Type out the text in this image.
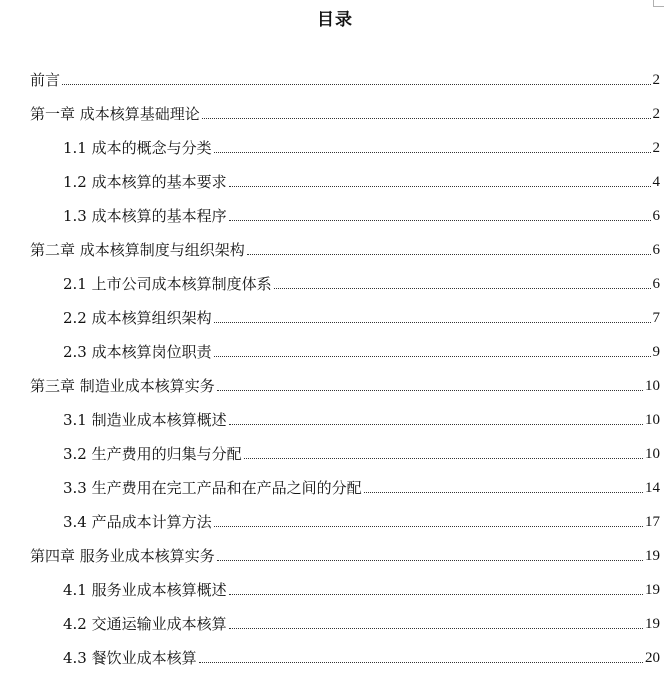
目录
前言	2
第一章 成本核算基础理论	2
1.1 成本的概念与分类	2
1.2 成本核算的基本要求	4
1.3 成本核算的基本程序	6
第二章 成本核算制度与组织架构	6
2.1 上市公司成本核算制度体系	6
2.2 成本核算组织架构	7
2.3 成本核算岗位职责	9
第三章 制造业成本核算实务	10
3.1 制造业成本核算概述	10
3.2 生产费用的归集与分配	10
3.3 生产费用在完工产品和在产品之间的分配	14
3.4 产品成本计算方法	17
第四章 服务业成本核算实务	19
4.1 服务业成本核算概述	19
4.2 交通运输业成本核算	19
4.3 餐饮业成本核算	20
